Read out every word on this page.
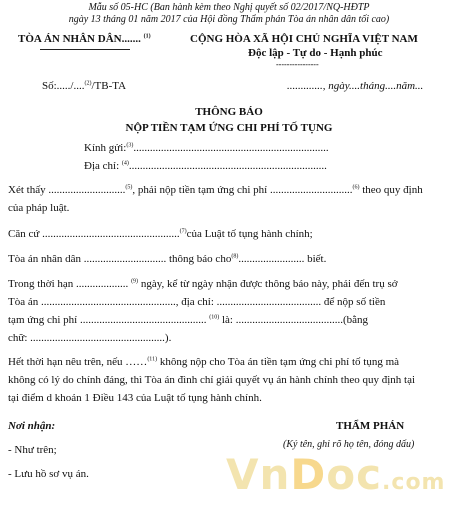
Mẫu số 05-HC (Ban hành kèm theo Nghị quyết số 02/2017/NQ-HĐTP
ngày 13 tháng 01 năm 2017 của Hội đồng Thẩm phán Tòa án nhân dân tối cao)
TÒA ÁN NHÂN DÂN....... $^{(1)}$	CỘNG HÒA XÃ HỘI CHỦ NGHĨA VIỆT NAM
Độc lập - Tự do - Hạnh phúc
----------------
Số:...../....$^{(2)}$/TB-TA	............., ngày....tháng....năm...
THÔNG BÁO
NỘP TIỀN TẠM ỨNG CHI PHÍ TỐ TỤNG
Kính gửi:$^{(3)}$.......................................................................
Địa chỉ: $^{(4)}$........................................................................
Xét thấy ............................$^{(5)}$, phải nộp tiền tạm ứng chi phí ..............................$^{(6)}$ theo quy định
của pháp luật.
Căn cứ ..................................................$^{(7)}$của Luật tố tụng hành chính;
Tòa án nhân dân .............................. thông báo cho$^{(8)}$........................ biết.
Trong thời hạn ................... $^{(9)}$ ngày, kể từ ngày nhận được thông báo này, phải đến trụ sở
Tòa án ................................................., địa chỉ: ...................................... để nộp số tiền
tạm ứng chi phí .............................................. $^{(10)}$ là: .......................................(bằng
chữ: .................................................).
Hết thời hạn nêu trên, nếu ……$^{(11)}$ không nộp cho Tòa án tiền tạm ứng chi phí tố tụng mà
không có lý do chính đáng, thì Tòa án đình chỉ giải quyết vụ án hành chính theo quy định tại
tại điểm d khoản 1 Điều 143 của Luật tố tụng hành chính.
Nơi nhận:
- Như trên;
- Lưu hồ sơ vụ án.	VnDoc.com
THẨM PHÁN
(Ký tên, ghi rõ họ tên, đóng dấu)
